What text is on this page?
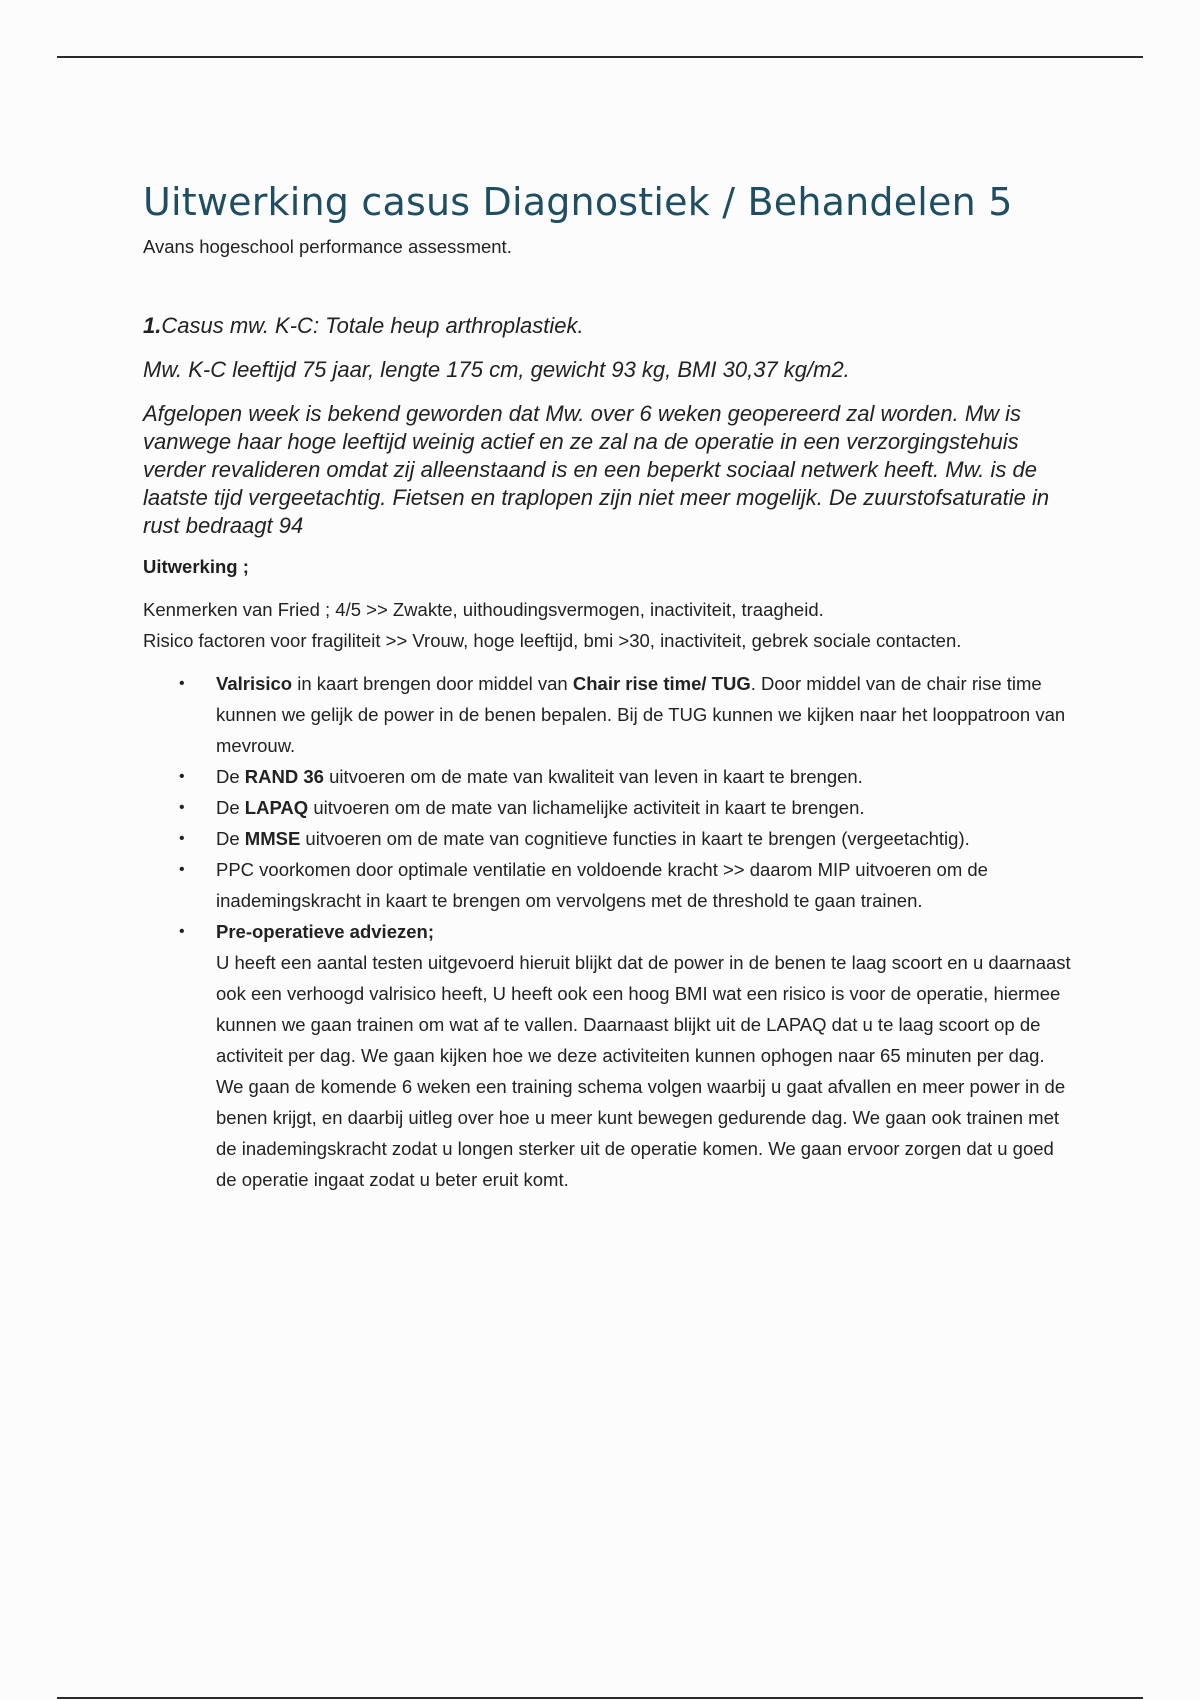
Uitwerking casus Diagnostiek / Behandelen 5

Avans hogeschool performance assessment.

1.Casus mw. K-C: Totale heup arthroplastiek.

Mw. K-C leeftijd 75 jaar, lengte 175 cm, gewicht 93 kg, BMI 30,37 kg/m2.

Afgelopen week is bekend geworden dat Mw. over 6 weken geopereerd zal worden. Mw is vanwege haar hoge leeftijd weinig actief en ze zal na de operatie in een verzorgingstehuis verder revalideren omdat zij alleenstaand is en een beperkt sociaal netwerk heeft. Mw. is de laatste tijd vergeetachtig. Fietsen en traplopen zijn niet meer mogelijk. De zuurstofsaturatie in rust bedraagt 94

Uitwerking ;

Kenmerken van Fried ; 4/5 >> Zwakte, uithoudingsvermogen, inactiviteit, traagheid.
Risico factoren voor fragiliteit >> Vrouw, hoge leeftijd, bmi >30, inactiviteit, gebrek sociale contacten.

• Valrisico in kaart brengen door middel van Chair rise time/ TUG. Door middel van de chair rise time kunnen we gelijk de power in de benen bepalen. Bij de TUG kunnen we kijken naar het looppatroon van mevrouw.
• De RAND 36 uitvoeren om de mate van kwaliteit van leven in kaart te brengen.
• De LAPAQ uitvoeren om de mate van lichamelijke activiteit in kaart te brengen.
• De MMSE uitvoeren om de mate van cognitieve functies in kaart te brengen (vergeetachtig).
• PPC voorkomen door optimale ventilatie en voldoende kracht >> daarom MIP uitvoeren om de inademingskracht in kaart te brengen om vervolgens met de threshold te gaan trainen.
• Pre-operatieve adviezen;
U heeft een aantal testen uitgevoerd hieruit blijkt dat de power in de benen te laag scoort en u daarnaast ook een verhoogd valrisico heeft, U heeft ook een hoog BMI wat een risico is voor de operatie, hiermee kunnen we gaan trainen om wat af te vallen. Daarnaast blijkt uit de LAPAQ dat u te laag scoort op de activiteit per dag. We gaan kijken hoe we deze activiteiten kunnen ophogen naar 65 minuten per dag.
We gaan de komende 6 weken een training schema volgen waarbij u gaat afvallen en meer power in de benen krijgt, en daarbij uitleg over hoe u meer kunt bewegen gedurende dag. We gaan ook trainen met de inademingskracht zodat u longen sterker uit de operatie komen. We gaan ervoor zorgen dat u goed de operatie ingaat zodat u beter eruit komt.
